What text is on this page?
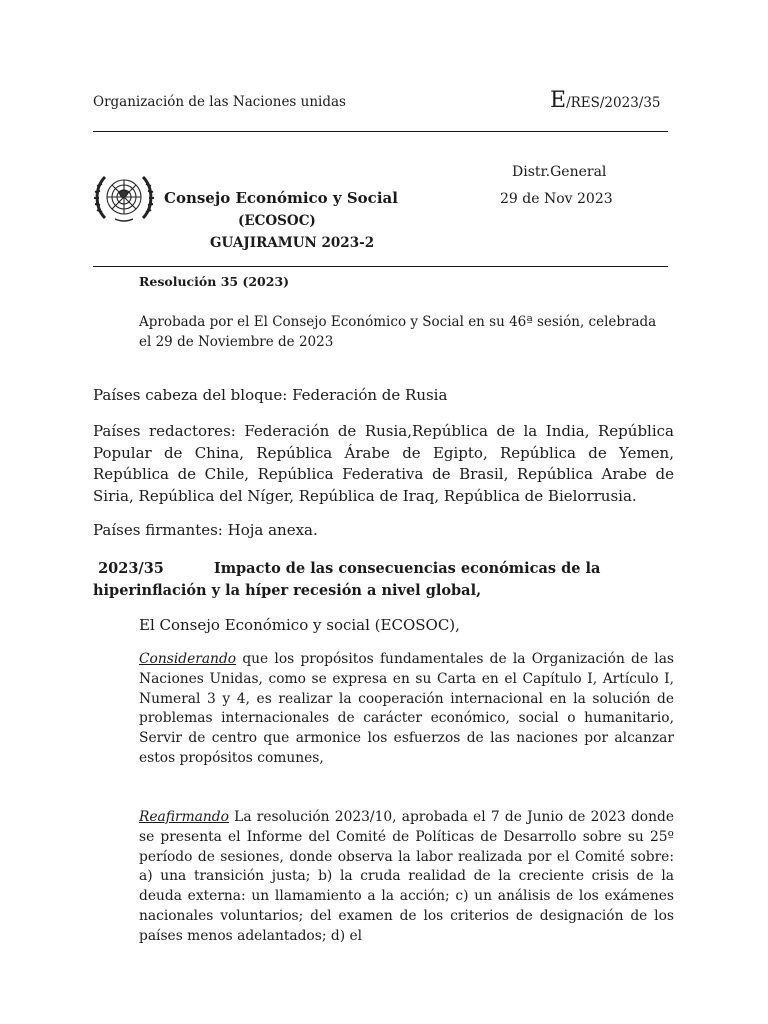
Organización de las Naciones unidas	E/RES/2023/35
Distr.General
29 de Nov 2023
Consejo Económico y Social
(ECOSOC)
GUAJIRAMUN 2023-2
Resolución 35 (2023)
Aprobada por el El Consejo Económico y Social en su 46ª sesión, celebrada el 29 de Noviembre de 2023
Países cabeza del bloque: Federación de Rusia
Países redactores: Federación de Rusia,República de la India, República Popular de China, República Árabe de Egipto, República de Yemen, República de Chile, República Federativa de Brasil, República Arabe de Siria, República del Níger, República de Iraq, República de Bielorrusia.
Países firmantes: Hoja anexa.
2023/35	Impacto de las consecuencias económicas de la hiperinflación y la híper recesión a nivel global,
El Consejo Económico y social (ECOSOC),
Considerando que los propósitos fundamentales de la Organización de las Naciones Unidas, como se expresa en su Carta en el Capítulo I, Artículo I, Numeral 3 y 4, es realizar la cooperación internacional en la solución de problemas internacionales de carácter económico, social o humanitario, Servir de centro que armonice los esfuerzos de las naciones por alcanzar estos propósitos comunes,
Reafirmando La resolución 2023/10, aprobada el 7 de Junio de 2023 donde se presenta el Informe del Comité de Políticas de Desarrollo sobre su 25º período de sesiones, donde observa la labor realizada por el Comité sobre: a) una transición justa; b) la cruda realidad de la creciente crisis de la deuda externa: un llamamiento a la acción; c) un análisis de los exámenes nacionales voluntarios; del examen de los criterios de designación de los países menos adelantados; d) el
